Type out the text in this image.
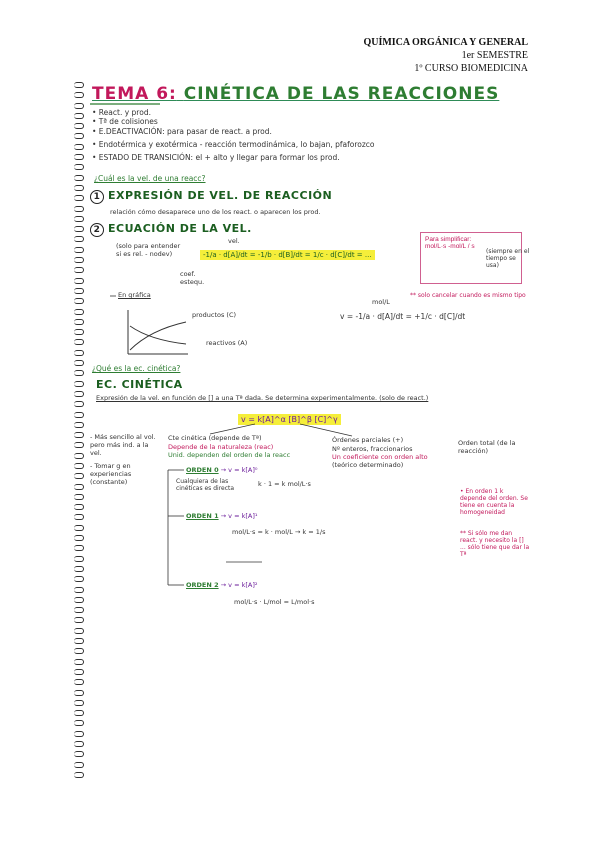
QUÍMICA ORGÁNICA Y GENERAL
1er SEMESTRE
1º CURSO BIOMEDICINA
TEMA 6: CINÉTICA DE LAS REACCIONES
• React. y prod.
• Tª de colisiones
• E.DEACTIVACIÓN: para pasar de react. a prod.
• Endotérmica y exotérmica - reacción termodinámica, lo bajan, pfaforozco
• ESTADO DE TRANSICIÓN: el + alto y llegar para formar los prod.
¿Cuál es la vel. de una reacc?
1 EXPRESIÓN DE VEL. DE REACCIÓN
relación cómo desaparece uno de los react. o aparecen los prod.
2 ECUACIÓN DE LA VEL.
(solo para entender si es rel. - nodev)
vel.
-1/a · d[A]/dt = -1/b · d[B]/dt = 1/c · d[C]/dt = ...
coef. estequ.
Para simplificar: mol/L·s -mol/L / s
(siempre en el tiempo se usa)
** solo cancelar cuando es mismo tipo
mol/L
v = -1/a · d[A]/dt = +1/c · d[C]/dt
En gráfica
productos (C)
reactivos (A)
¿Qué es la ec. cinética?
EC. CINÉTICA
Expresión de la vel. en función de [] a una Tª dada. Se determina experimentalmente. (solo de react.)
v = k[A]^α [B]^β [C]^γ
Cte cinética (depende de Tª)
Depende de la naturaleza (reac)
Unid. dependen del orden de la reacc
Órdenes parciales (+)
Nº enteros, fraccionarios
Un coeficiente con orden alto
(teórico determinado)
Orden total (de la reacción)
- Más sencillo al vol. pero más ind. a la vel.
- Tomar g en experiencias (constante)
ORDEN 0 → v = k[A]⁰
Cualquiera de las cinéticas es directa
k · 1 = k mol/L·s
ORDEN 1 → v = k[A]¹
mol/L·s = k · mol/L → k = 1/s
ORDEN 2 → v = k[A]²
mol/L·s · L/mol = L/mol·s
• En orden 1 k depende del orden. Se tiene en cuenta la homogeneidad
** Si sólo me dan react. y necesito la [] ... sólo tiene que dar la Tª
